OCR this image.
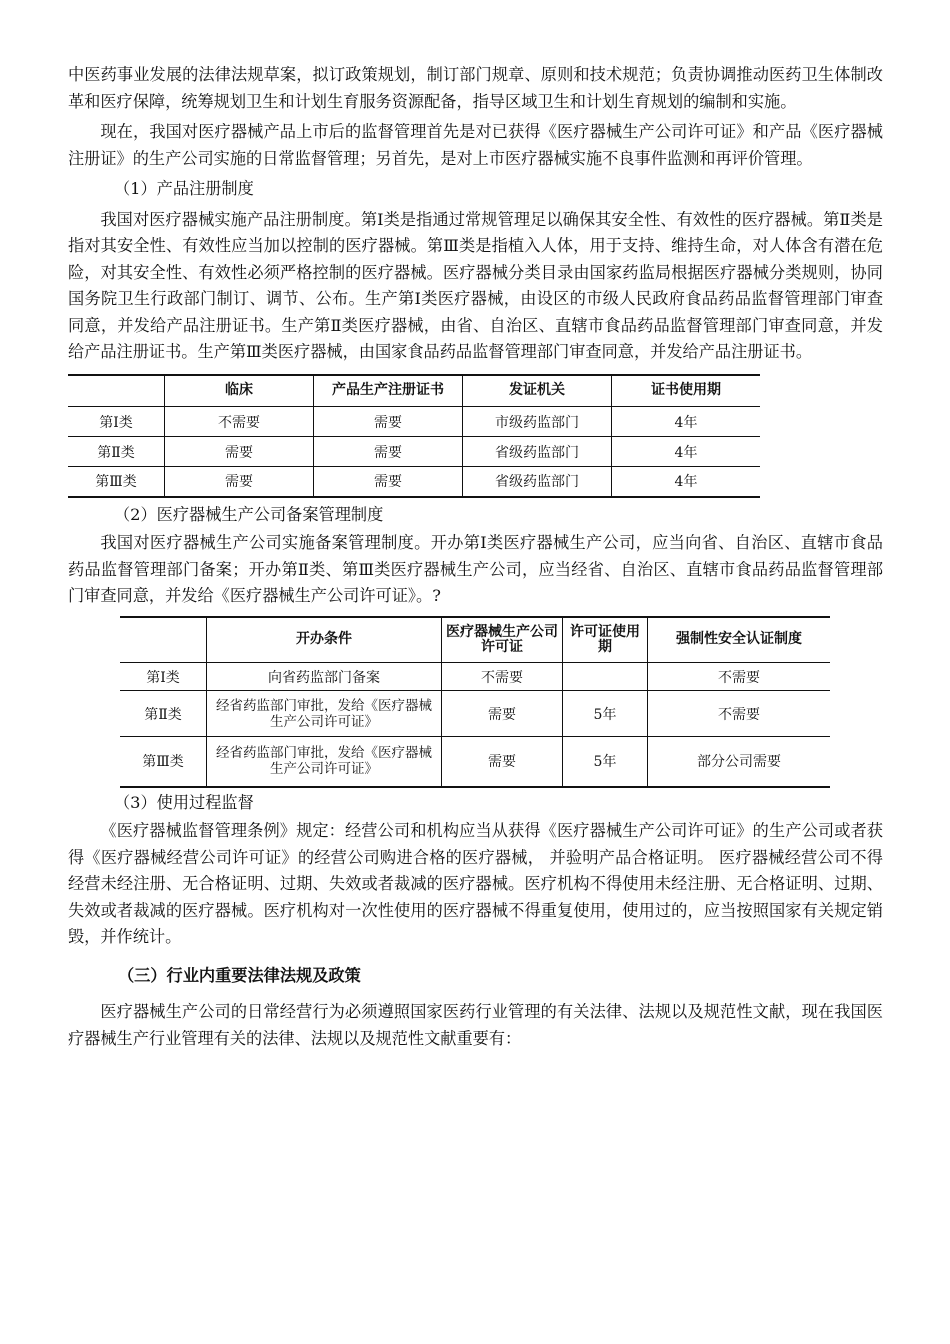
中医药事业发展的法律法规草案，拟订政策规划，制订部门规章、原则和技术规范；负责协调推动医药卫生体制改革和医疗保障，统筹规划卫生和计划生育服务资源配备，指导区域卫生和计划生育规划的编制和实施。

现在，我国对医疗器械产品上市后的监督管理首先是对已获得《医疗器械生产公司许可证》和产品《医疗器械注册证》的生产公司实施的日常监督管理；另首先，是对上市医疗器械实施不良事件监测和再评价管理。

（1）产品注册制度

我国对医疗器械实施产品注册制度。第Ⅰ类是指通过常规管理足以确保其安全性、有效性的医疗器械。第Ⅱ类是指对其安全性、有效性应当加以控制的医疗器械。第Ⅲ类是指植入人体，用于支持、维持生命，对人体含有潜在危险，对其安全性、有效性必须严格控制的医疗器械。医疗器械分类目录由国家药监局根据医疗器械分类规则，协同国务院卫生行政部门制订、调节、公布。生产第Ⅰ类医疗器械，由设区的市级人民政府食品药品监督管理部门审查同意，并发给产品注册证书。生产第Ⅱ类医疗器械，由省、自治区、直辖市食品药品监督管理部门审查同意，并发给产品注册证书。生产第Ⅲ类医疗器械，由国家食品药品监督管理部门审查同意，并发给产品注册证书。

	临床	产品生产注册证书	发证机关	证书使用期
第Ⅰ类	不需要	需要	市级药监部门	4年
第Ⅱ类	需要	需要	省级药监部门	4年
第Ⅲ类	需要	需要	省级药监部门	4年

（2）医疗器械生产公司备案管理制度

我国对医疗器械生产公司实施备案管理制度。开办第Ⅰ类医疗器械生产公司，应当向省、自治区、直辖市食品药品监督管理部门备案；开办第Ⅱ类、第Ⅲ类医疗器械生产公司，应当经省、自治区、直辖市食品药品监督管理部门审查同意，并发给《医疗器械生产公司许可证》。?

	开办条件	医疗器械生产公司许可证	许可证使用期	强制性安全认证制度
第Ⅰ类	向省药监部门备案	不需要		不需要
第Ⅱ类	经省药监部门审批，发给《医疗器械生产公司许可证》	需要	5年	不需要
第Ⅲ类	经省药监部门审批，发给《医疗器械生产公司许可证》	需要	5年	部分公司需要

（3）使用过程监督

《医疗器械监督管理条例》规定：经营公司和机构应当从获得《医疗器械生产公司许可证》的生产公司或者获得《医疗器械经营公司许可证》的经营公司购进合格的医疗器械， 并验明产品合格证明。 医疗器械经营公司不得经营未经注册、无合格证明、过期、失效或者裁减的医疗器械。医疗机构不得使用未经注册、无合格证明、过期、失效或者裁减的医疗器械。医疗机构对一次性使用的医疗器械不得重复使用，使用过的，应当按照国家有关规定销毁，并作统计。

（三）行业内重要法律法规及政策

医疗器械生产公司的日常经营行为必须遵照国家医药行业管理的有关法律、法规以及规范性文献，现在我国医疗器械生产行业管理有关的法律、法规以及规范性文献重要有：
